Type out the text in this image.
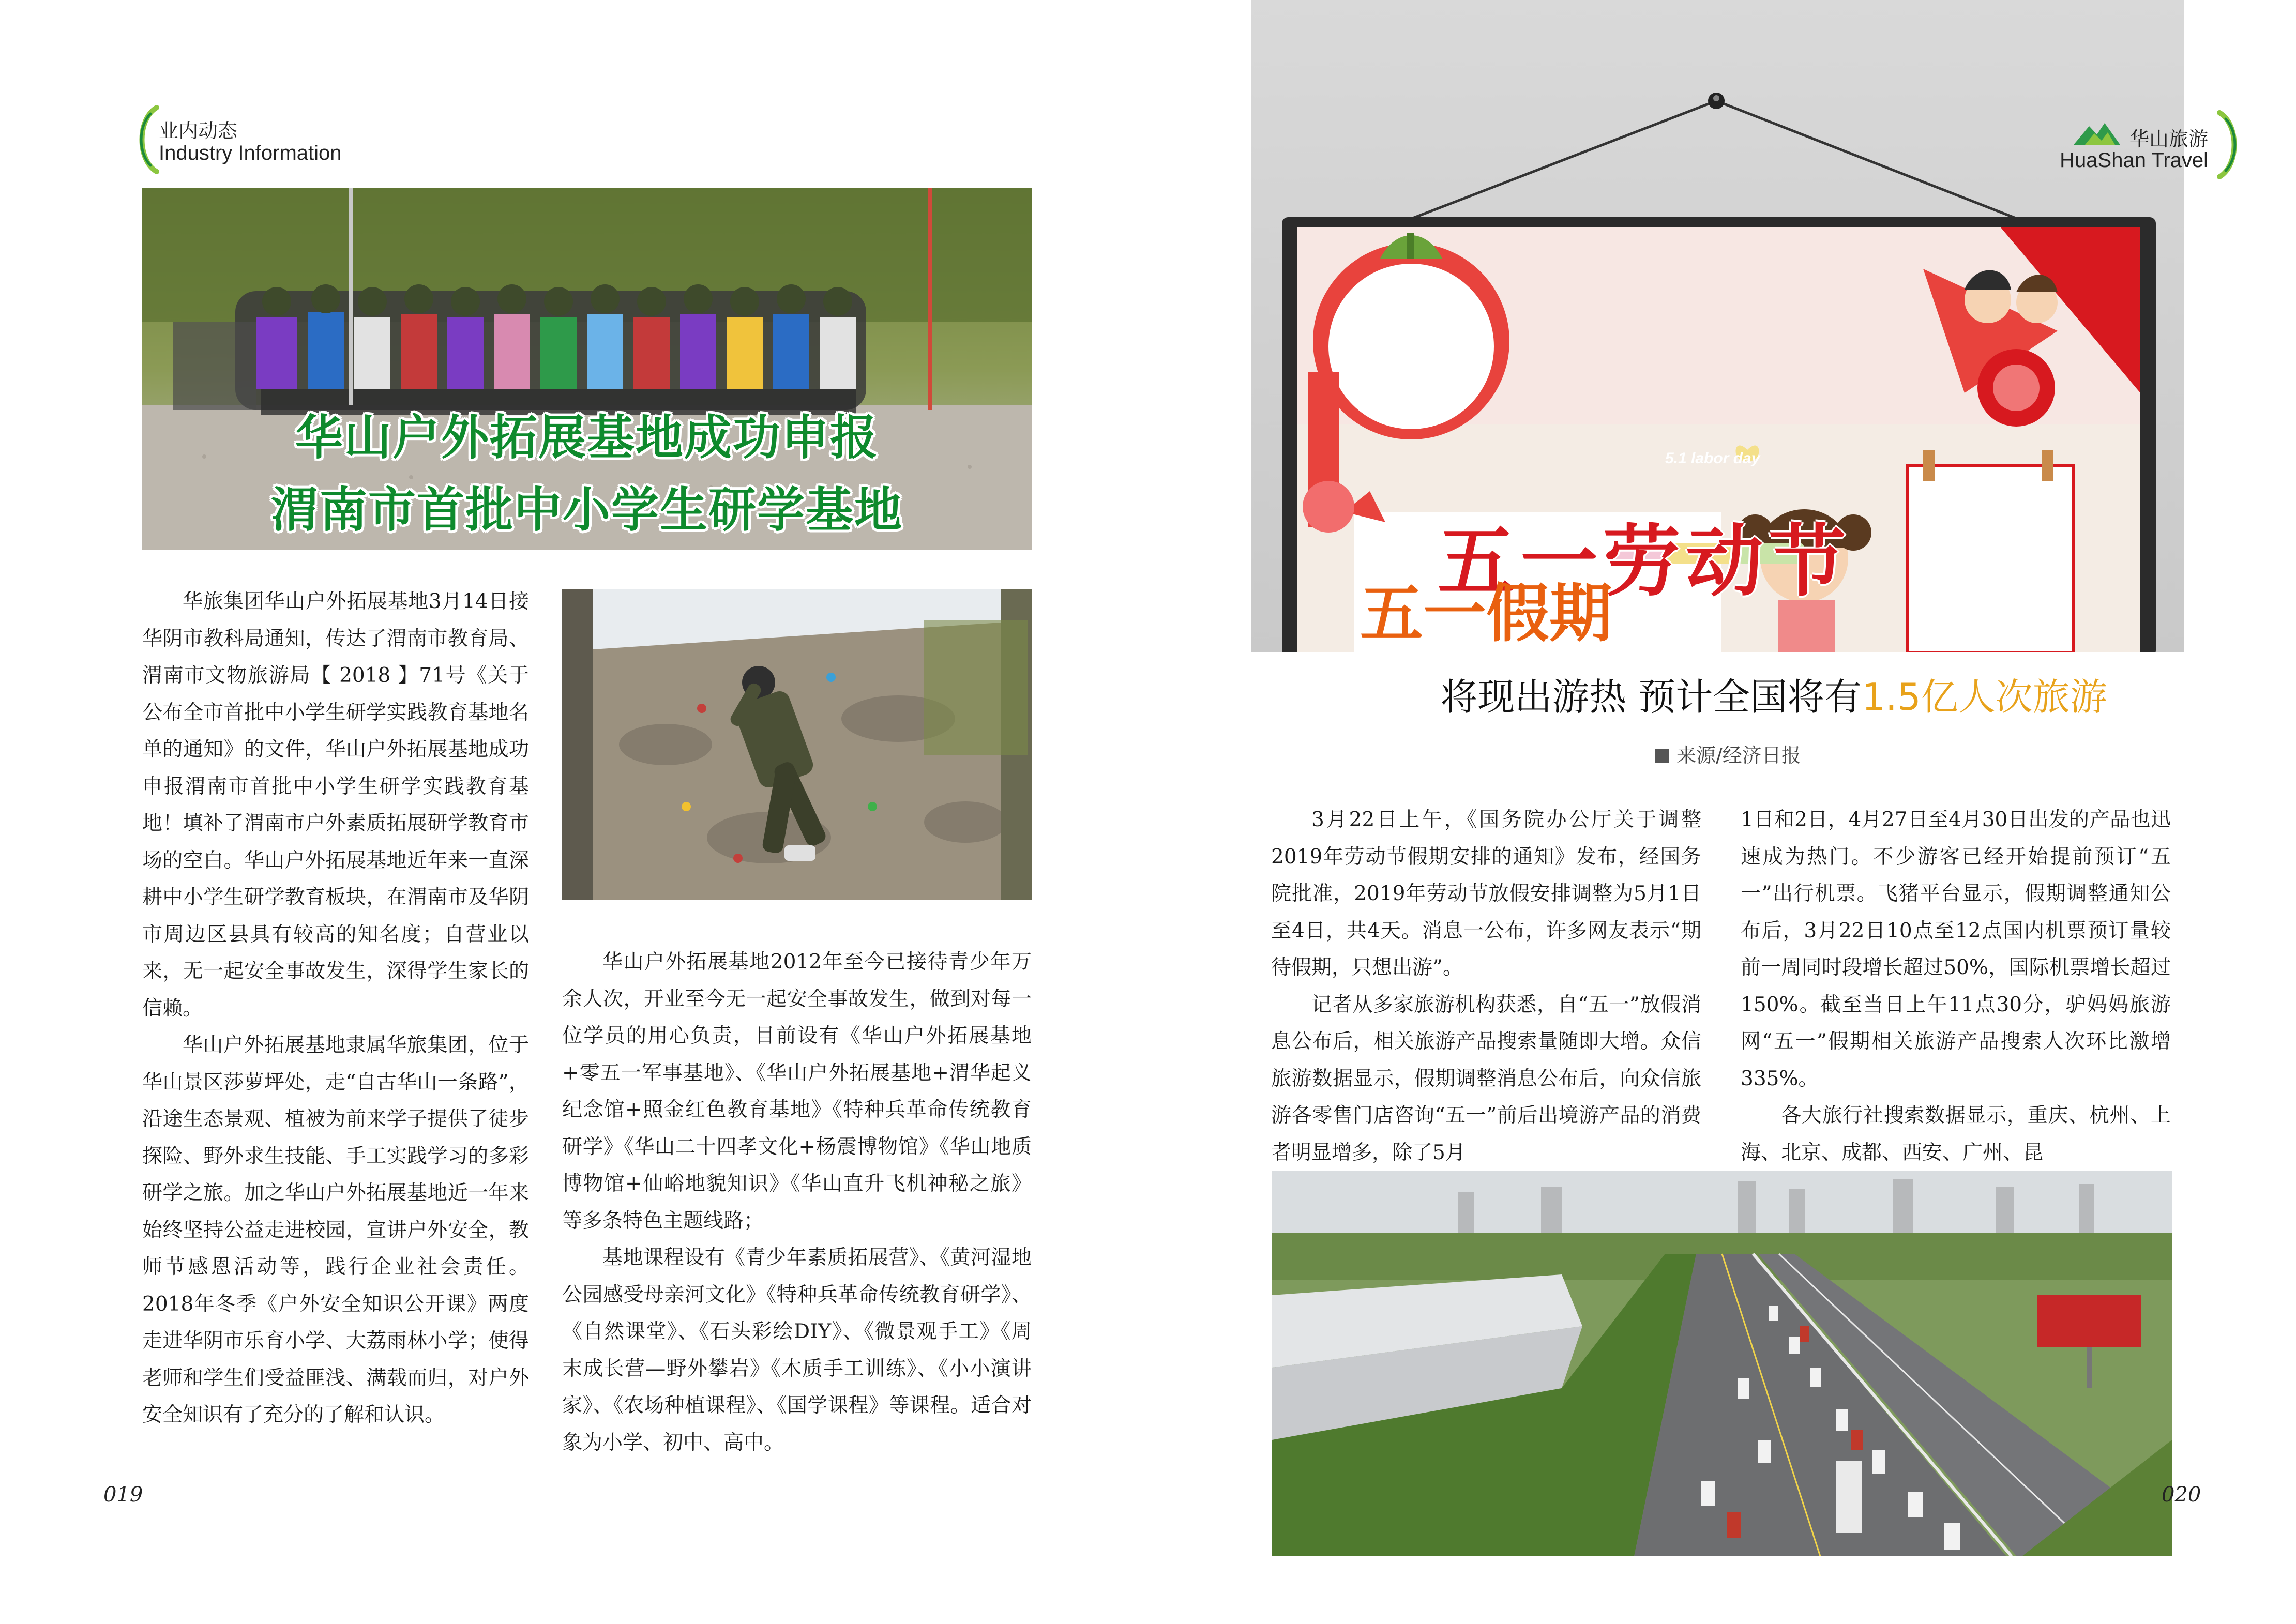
业内动态
Industry Information
华山户外拓展基地成功申报
渭南市首批中小学生研学基地

华旅集团华山户外拓展基地3月14日接华阴市教科局通知，传达了渭南市教育局、渭南市文物旅游局【 2018 】71号《关于公布全市首批中小学生研学实践教育基地名单的通知》的文件，华山户外拓展基地成功申报渭南市首批中小学生研学实践教育基地！填补了渭南市户外素质拓展研学教育市场的空白。华山户外拓展基地近年来一直深耕中小学生研学教育板块，在渭南市及华阴市周边区县具有较高的知名度；自营业以来，无一起安全事故发生，深得学生家长的信赖。

华山户外拓展基地隶属华旅集团，位于华山景区莎萝坪处，走“自古华山一条路”，沿途生态景观、植被为前来学子提供了徒步探险、野外求生技能、手工实践学习的多彩研学之旅。加之华山户外拓展基地近一年来始终坚持公益走进校园，宣讲户外安全，教师节感恩活动等，践行企业社会责任。2018年冬季《户外安全知识公开课》两度走进华阴市乐育小学、大荔雨林小学；使得老师和学生们受益匪浅、满载而归，对户外安全知识有了充分的了解和认识。

华山户外拓展基地2012年至今已接待青少年万余人次，开业至今无一起安全事故发生，做到对每一位学员的用心负责，目前设有《华山户外拓展基地+零五一军事基地》、《华山户外拓展基地+渭华起义纪念馆+照金红色教育基地》《特种兵革命传统教育研学》《华山二十四孝文化+杨震博物馆》《华山地质博物馆+仙峪地貌知识》《华山直升飞机神秘之旅》等多条特色主题线路；

基地课程设有《青少年素质拓展营》、《黄河湿地公园感受母亲河文化》《特种兵革命传统教育研学》、《自然课堂》、《石头彩绘DIY》、《微景观手工》《周末成长营—野外攀岩》《木质手工训练》、《小小演讲家》、《农场种植课程》、《国学课程》等课程。适合对象为小学、初中、高中。

019
五一劳动节
5.1 labor day
五一假期
华山旅游
HuaShan Travel
将现出游热 预计全国将有1.5亿人次旅游
来源/经济日报

3月22日上午，《国务院办公厅关于调整2019年劳动节假期安排的通知》发布，经国务院批准，2019年劳动节放假安排调整为5月1日至4日，共4天。消息一公布，许多网友表示“期待假期，只想出游”。

记者从多家旅游机构获悉，自“五一”放假消息公布后，相关旅游产品搜索量随即大增。众信旅游数据显示，假期调整消息公布后，向众信旅游各零售门店咨询“五一”前后出境游产品的消费者明显增多，除了5月

1日和2日，4月27日至4月30日出发的产品也迅速成为热门。不少游客已经开始提前预订“五一”出行机票。飞猪平台显示，假期调整通知公布后，3月22日10点至12点国内机票预订量较前一周同时段增长超过50%，国际机票增长超过150%。截至当日上午11点30分，驴妈妈旅游网“五一”假期相关旅游产品搜索人次环比激增335%。

各大旅行社搜索数据显示，重庆、杭州、上海、北京、成都、西安、广州、昆

020
